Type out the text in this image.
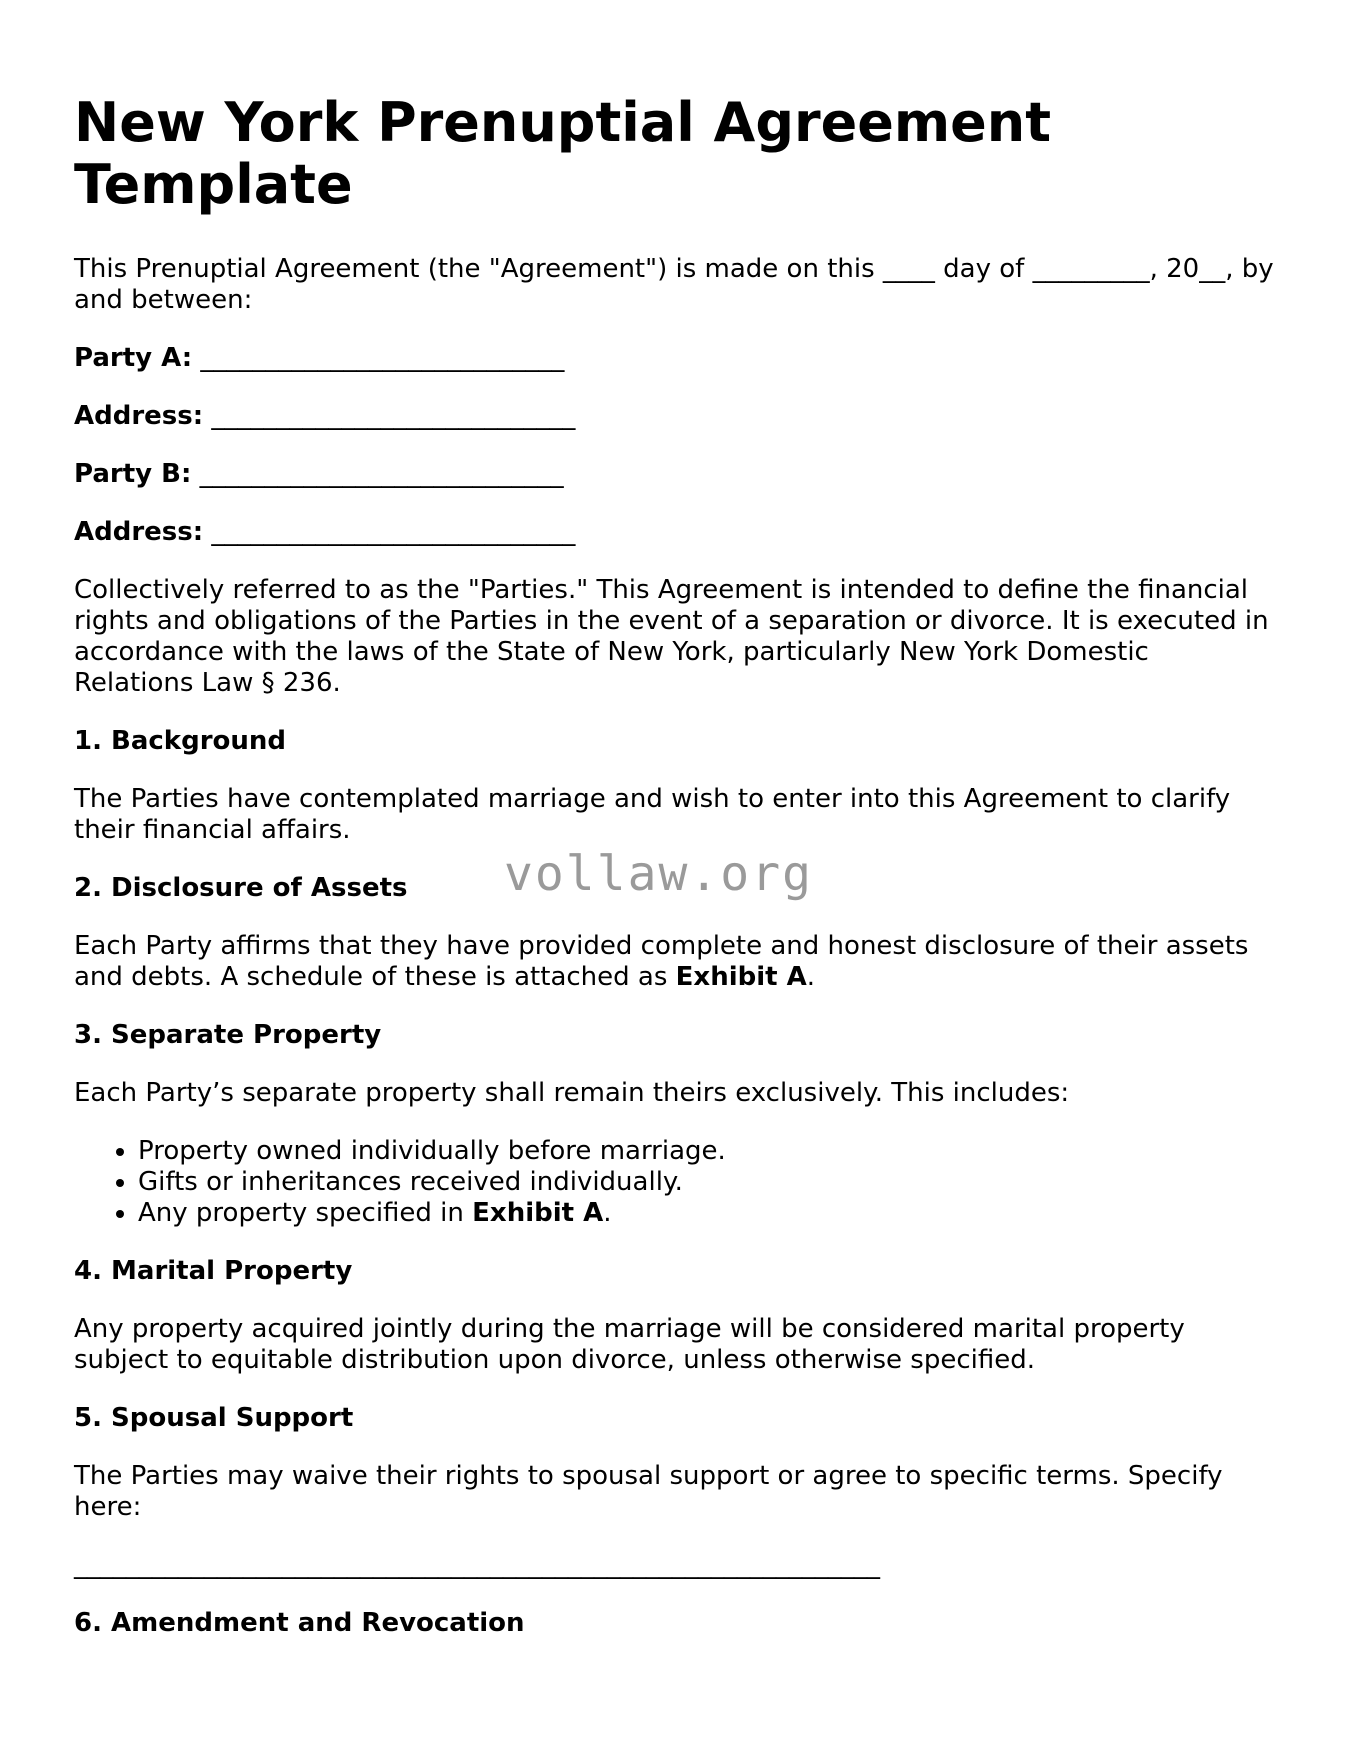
New York Prenuptial Agreement Template

This Prenuptial Agreement (the "Agreement") is made on this ____ day of _________, 20__, by and between:

Party A: ____________________________
Address: ____________________________
Party B: ____________________________
Address: ____________________________

Collectively referred to as the "Parties." This Agreement is intended to define the financial rights and obligations of the Parties in the event of a separation or divorce. It is executed in accordance with the laws of the State of New York, particularly New York Domestic Relations Law § 236.

1. Background

The Parties have contemplated marriage and wish to enter into this Agreement to clarify their financial affairs.

2. Disclosure of Assets

Each Party affirms that they have provided complete and honest disclosure of their assets and debts. A schedule of these is attached as Exhibit A.

3. Separate Property

Each Party’s separate property shall remain theirs exclusively. This includes:

• Property owned individually before marriage.
• Gifts or inheritances received individually.
• Any property specified in Exhibit A.
4. Marital Property

Any property acquired jointly during the marriage will be considered marital property subject to equitable distribution upon divorce, unless otherwise specified.

5. Spousal Support

The Parties may waive their rights to spousal support or agree to specific terms. Specify here:

______________________________________________________________
6. Amendment and Revocation
vollaw.org
